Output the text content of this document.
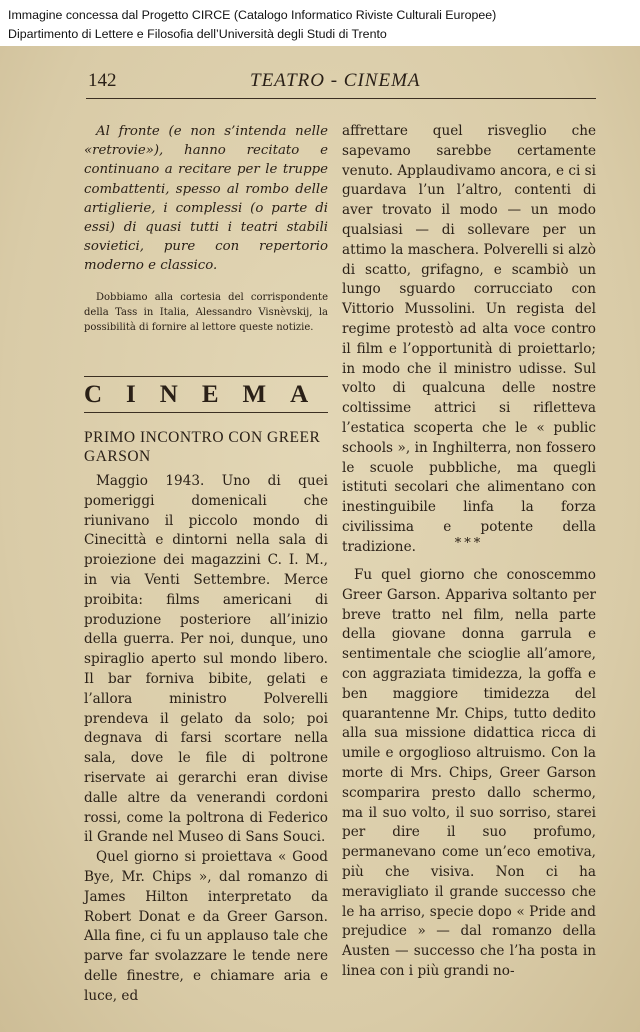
Immagine concessa dal Progetto CIRCE (Catalogo Informatico Riviste Culturali Europee)
Dipartimento di Lettere e Filosofia dell’Università degli Studi di Trento
142	TEATRO - CINEMA

Al fronte (e non s’intenda nelle «retrovie»), hanno recitato e continuano a recitare per le truppe combattenti, spesso al rombo delle artiglierie, i complessi (o parte di essi) di quasi tutti i teatri stabili sovietici, pure con repertorio moderno e classico.

Dobbiamo alla cortesia del corrispondente della Tass in Italia, Alessandro Visnèvskij, la possibilità di fornire al lettore queste notizie.

CINEMA
PRIMO INCONTRO CON GREER GARSON

Maggio 1943. Uno di quei pomeriggi domenicali che riunivano il piccolo mondo di Cinecittà e dintorni nella sala di proiezione dei magazzini C. I. M., in via Venti Settembre. Merce proibita: films americani di produzione posteriore all’inizio della guerra. Per noi, dunque, uno spiraglio aperto sul mondo libero. Il bar forniva bibite, gelati e l’allora ministro Polverelli prendeva il gelato da solo; poi degnava di farsi scortare nella sala, dove le file di poltrone riservate ai gerarchi eran divise dalle altre da venerandi cordoni rossi, come la poltrona di Federico il Grande nel Museo di Sans Souci.

Quel giorno si proiettava « Good Bye, Mr. Chips », dal romanzo di James Hilton interpretato da Robert Donat e da Greer Garson. Alla fine, ci fu un applauso tale che parve far svolazzare le tende nere delle finestre, e chiamare aria e luce, ed

affrettare quel risveglio che sapevamo sarebbe certamente venuto. Applaudivamo ancora, e ci si guardava l’un l’altro, contenti di aver trovato il modo — un modo qualsiasi — di sollevare per un attimo la maschera. Polverelli si alzò di scatto, grifagno, e scambiò un lungo sguardo corrucciato con Vittorio Mussolini. Un regista del regime protestò ad alta voce contro il film e l’opportunità di proiettarlo; in modo che il ministro udisse. Sul volto di qualcuna delle nostre coltissime attrici si rifletteva l’estatica scoperta che le « public schools », in Inghilterra, non fossero le scuole pubbliche, ma quegli istituti secolari che alimentano con inestinguibile linfa la forza civilissima e potente della tradizione.	***

Fu quel giorno che conoscemmo Greer Garson. Appariva soltanto per breve tratto nel film, nella parte della giovane donna garrula e sentimentale che scioglie all’amore, con aggraziata timidezza, la goffa e ben maggiore timidezza del quarantenne Mr. Chips, tutto dedito alla sua missione didattica ricca di umile e orgoglioso altruismo. Con la morte di Mrs. Chips, Greer Garson scomparira presto dallo schermo, ma il suo volto, il suo sorriso, starei per dire il suo profumo, permanevano come un’eco emotiva, più che visiva. Non ci ha meravigliato il grande successo che le ha arriso, specie dopo « Pride and prejudice » — dal romanzo della Austen — successo che l’ha posta in linea con i più grandi no-
